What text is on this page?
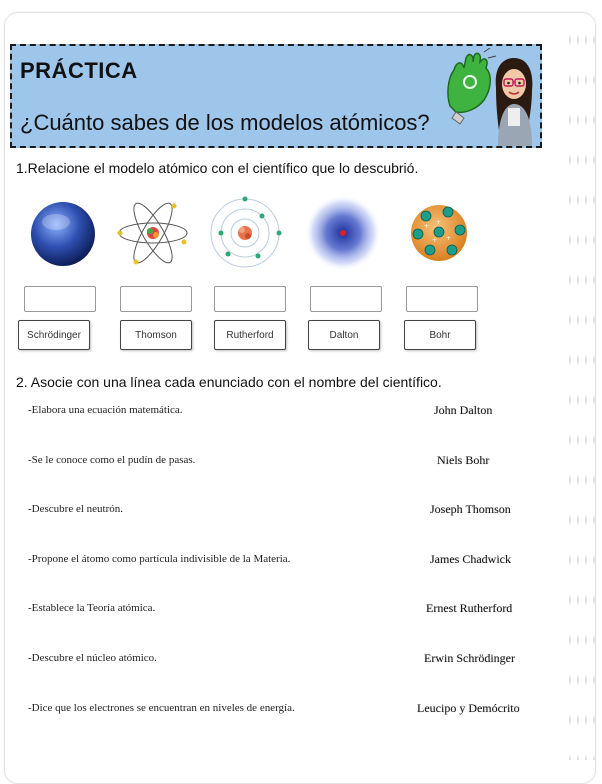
PRÁCTICA
¿Cuánto sabes de los modelos atómicos?
1.Relacione el modelo atómico con el científico que lo descubrió.
+
+
+
+
Schrödinger	Thomson	Rutherford	Dalton	Bohr
2. Asocie con una línea cada enunciado con el nombre del científico.
-Elabora una ecuación matemática.
-Se le conoce como el pudín de pasas.
-Descubre el neutrón.
-Propone el átomo como partícula indivisible de la Materia.
-Establece la Teoría atómica.
-Descubre el núcleo atómico.
-Dice que los electrones se encuentran en niveles de energía.
John Dalton
Niels Bohr
Joseph Thomson
James Chadwick
Ernest Rutherford
Erwin Schrödinger
Leucipo y Demócrito
